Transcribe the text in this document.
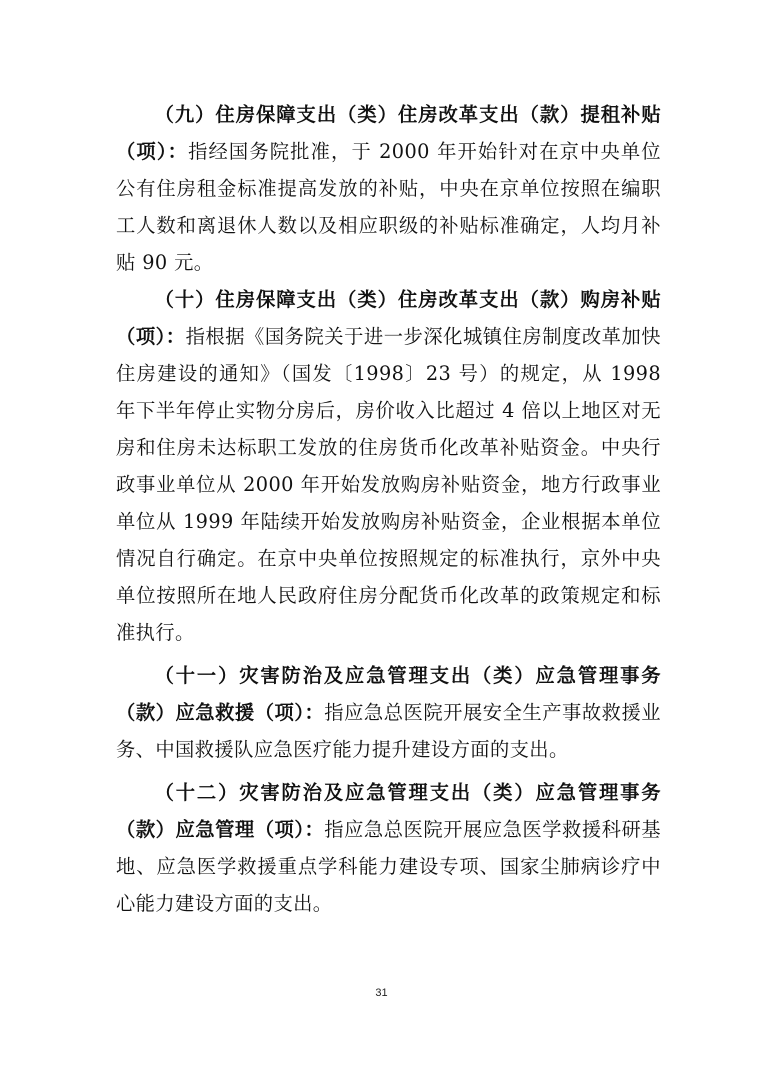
（九）住房保障支出（类）住房改革支出（款）提租补贴（项）：指经国务院批准，于 2000 年开始针对在京中央单位公有住房租金标准提高发放的补贴，中央在京单位按照在编职工人数和离退休人数以及相应职级的补贴标准确定，人均月补贴 90 元。

（十）住房保障支出（类）住房改革支出（款）购房补贴（项）：指根据《国务院关于进一步深化城镇住房制度改革加快住房建设的通知》（国发〔1998〕23 号）的规定，从 1998 年下半年停止实物分房后，房价收入比超过 4 倍以上地区对无房和住房未达标职工发放的住房货币化改革补贴资金。中央行政事业单位从 2000 年开始发放购房补贴资金，地方行政事业单位从 1999 年陆续开始发放购房补贴资金，企业根据本单位情况自行确定。在京中央单位按照规定的标准执行，京外中央单位按照所在地人民政府住房分配货币化改革的政策规定和标准执行。

（十一）灾害防治及应急管理支出（类）应急管理事务（款）应急救援（项）：指应急总医院开展安全生产事故救援业务、中国救援队应急医疗能力提升建设方面的支出。

（十二）灾害防治及应急管理支出（类）应急管理事务（款）应急管理（项）：指应急总医院开展应急医学救援科研基地、应急医学救援重点学科能力建设专项、国家尘肺病诊疗中心能力建设方面的支出。

31
